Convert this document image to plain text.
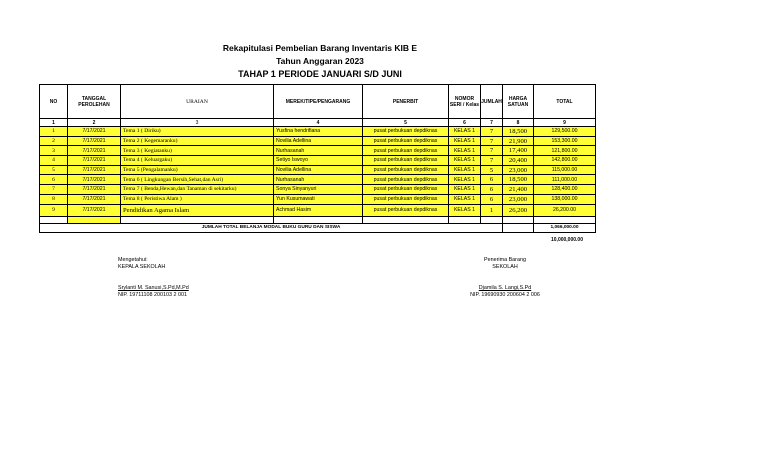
Rekapitulasi Pembelian Barang Inventaris KIB E
Tahun Anggaran 2023
TAHAP 1 PERIODE JANUARI S/D JUNI
NO	TANGGAL PEROLEHAN	URAIAN	MEREK/TIPE/PENGARANG	PENERBIT	NOMOR SERI / Kelas	JUMLAH	HARGA SATUAN	TOTAL
1	2	3	4	5	6	7	8	9
1	7/17/2021	Tema 1 ( Diriku)	Yusfina hendrifiana	pusat perbukuan depdiknas	KELAS 1	7	18,500	129,500.00
2	7/17/2021	Tema 2 ( Kegemaranku)	Novilia Adellina	pusat perbukuan depdiknas	KELAS 1	7	21,900	153,300.00
3	7/17/2021	Tema 3 ( Kegiatanku)	Nurhasanah	pusat perbukuan depdiknas	KELAS 1	7	17,400	121,800.00
4	7/17/2021	Tema 4 ( Keluargaku)	Setiyo Iswoyo	pusat perbukuan depdiknas	KELAS 1	7	20,400	142,800.00
5	7/17/2021	Tema 5 (Pengalamanku)	Novilia Adellina	pusat perbukuan depdiknas	KELAS 1	5	23,000	115,000.00
6	7/17/2021	Tema 6 ( Lingkungan Bersih,Sehat,dan Asri)	Nurhasanah	pusat perbukuan depdiknas	KELAS 1	6	18,500	111,000.00
7	7/17/2021	Tema 7 ( Benda,Hewan,dan Tanaman di sekitarku)	Sonya Sinyanyuri	pusat perbukuan depdiknas	KELAS 1	6	21,400	128,400.00
8	7/17/2021	Tema 8 ( Peristiwa Alam )	Yun Kusumawati	pusat perbukuan depdiknas	KELAS 1	6	23,000	138,000.00
9	7/17/2021	Pendidikan Agama Islam	Achmad Hasim	pusat perbukuan depdiknas	KELAS 1	1	26,200	26,200.00

JUMLAH TOTAL BELANJA MODAL BUKU GURU DAN SISWA								1,066,000.00
10,000,000.00
Mengetahui:
KEPALA SEKOLAH
Srylanti M. Sanusi,S.Pd,M.Pd
NIP. 19711108 200103 2 001
Penerima Barang
SEKOLAH
Djamila S. Langi,S.Pd
NIP. 19690930 200604 2 006
